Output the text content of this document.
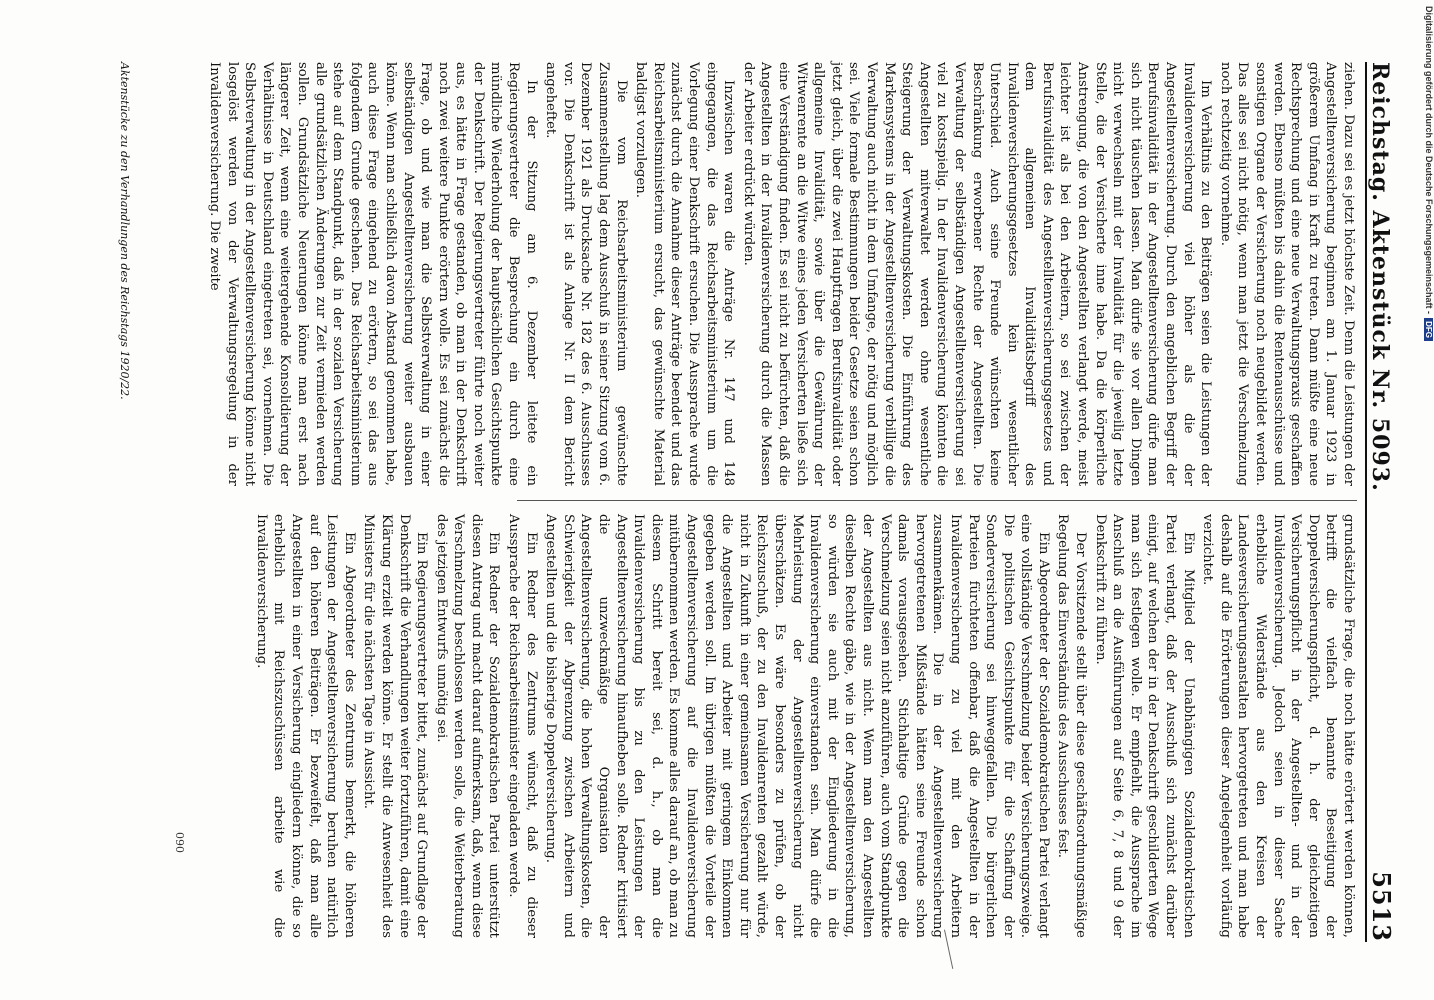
Reichstag. Aktenstück Nr. 5093.
5513

ziehen. Dazu sei es jetzt höchste Zeit. Denn die Leistungen der Angestelltenversicherung beginnen am 1. Januar 1923 in größerem Umfang in Kraft zu treten. Dann müßte eine neue Rechtsprechung und eine neue Verwaltungspraxis geschaffen werden. Ebenso müßten bis dahin die Rentenausschüsse und sonstigen Organe der Versicherung noch neugebildet werden. Das alles sei nicht nötig, wenn man jetzt die Verschmelzung noch rechtzeitig vornehme.

Im Verhältnis zu den Beiträgen seien die Leistungen der Invalidenversicherung viel höher als die der Angestelltenversicherung. Durch den angeblichen Begriff der Berufsinvalidität in der Angestelltenversicherung dürfe man sich nicht täuschen lassen. Man dürfe sie vor allen Dingen nicht verwechseln mit der Invalidität für die jeweilig letzte Stelle, die der Versicherte inne habe. Da die körperliche Anstrengung, die von den Angestellten verlangt werde, meist leichter ist als bei den Arbeitern, so sei zwischen der Berufsinvalidität des Angestelltenversicherungsgesetzes und dem allgemeinen Invaliditätsbegriff des Invalidenversicherungsgesetzes kein wesentlicher Unterschied. Auch seine Freunde wünschten keine Beschränkung erworbener Rechte der Angestellten. Die Verwaltung der selbständigen Angestelltenversicherung sei viel zu kostspielig. In der Invalidenversicherung könnten die Angestellten mitverwaltet werden ohne wesentliche Steigerung der Verwaltungskosten. Die Einführung des Markensystems in der Angestelltenversicherung verbillige die Verwaltung auch nicht in dem Umfange, der nötig und möglich sei. Viele formale Bestimmungen beider Gesetze seien schon jetzt gleich, über die zwei Hauptfragen Berufsinvalidität oder allgemeine Invalidität, sowie über die Gewährung der Witwenrente an die Witwe eines jeden Versicherten ließe sich eine Verständigung finden. Es sei nicht zu befürchten, daß die Angestellten in der Invalidenversicherung durch die Massen der Arbeiter erdrückt würden.

Inzwischen waren die Anträge Nr. 147 und 148 eingegangen, die das Reichsarbeitsministerium um die Vorlegung einer Denkschrift ersuchen. Die Aussprache wurde zunächst durch die Annahme dieser Anträge beendet und das Reichsarbeitsministerium ersucht, das gewünschte Material baldigst vorzulegen.

Die vom Reichsarbeitsministerium gewünschte Zusammenstellung lag dem Ausschuß in seiner Sitzung vom 6. Dezember 1921 als Drucksache Nr. 182 des 6. Ausschusses vor. Die Denkschrift ist als Anlage Nr. II dem Bericht angeheftet.

In der Sitzung am 6. Dezember leitete ein Regierungsvertreter die Besprechung ein durch eine mündliche Wiederholung der hauptsächlichen Gesichtspunkte der Denkschrift. Der Regierungsvertreter führte noch weiter aus, es hätte in Frage gestanden, ob man in der Denkschrift noch zwei weitere Punkte erörtern wolle. Es sei zunächst die Frage, ob und wie man die Selbstverwaltung in einer selbständigen Angestelltenversicherung weiter ausbauen könne. Wenn man schließlich davon Abstand genommen habe, auch diese Frage eingehend zu erörtern, so sei das aus folgendem Grunde geschehen. Das Reichsarbeitsministerium stehe auf dem Standpunkt, daß in der sozialen Versicherung alle grundsätzlichen Änderungen zur Zeit vermieden werden sollen. Grundsätzliche Neuerungen könne man erst nach längerer Zeit, wenn eine weitergehende Konsolidierung der Verhältnisse in Deutschland eingetreten sei, vornehmen. Die Selbstverwaltung in der Angestelltenversicherung könne nicht losgelöst werden von der Verwaltungsregelung in der Invalidenversicherung. Die zweite

grundsätzliche Frage, die noch hätte erörtert werden können, betrifft die vielfach benannte Beseitigung der Doppelversicherungspflicht, d. h. der gleichzeitigen Versicherungspflicht in der Angestellten- und in der Invalidenversicherung. Jedoch seien in dieser Sache erhebliche Widerstände aus den Kreisen der Landesversicherungsanstalten hervorgetreten und man habe deshalb auf die Erörterungen dieser Angelegenheit vorläufig verzichtet.

Ein Mitglied der Unabhängigen Sozialdemokratischen Partei verlangt, daß der Ausschuß sich zunächst darüber einigt, auf welchen der in der Denkschrift geschilderten Wege man sich festlegen wolle. Er empfiehlt, die Aussprache im Anschluß an die Ausführungen auf Seite 6, 7, 8 und 9 der Denkschrift zu führen.

Der Vorsitzende stellt über diese geschäftsordnungsmäßige Regelung das Einverständnis des Ausschusses fest.

Ein Abgeordneter der Sozialdemokratischen Partei verlangt eine vollständige Verschmelzung beider Versicherungszweige. Die politischen Gesichtspunkte für die Schaffung der Sonderversicherung sei hinweggefallen. Die bürgerlichen Parteien fürchteten offenbar, daß die Angestellten in der Invalidenversicherung zu viel mit den Arbeitern zusammenkämen. Die in der Angestelltenversicherung hervorgetretenen Mißstände hätten seine Freunde schon damals vorausgesehen. Stichhaltige Gründe gegen die Verschmelzung seien nicht anzuführen, auch vom Standpunkte der Angestellten aus nicht. Wenn man den Angestellten dieselben Rechte gäbe, wie in der Angestelltenversicherung, so würden sie auch mit der Eingliederung in die Invalidenversicherung einverstanden sein. Man dürfe die Mehrleistung der Angestelltenversicherung nicht überschätzen. Es wäre besonders zu prüfen, ob der Reichszuschuß, der zu den Invalidenrenten gezahlt würde, nicht in Zukunft in einer gemeinsamen Versicherung nur für die Angestellten und Arbeiter mit geringem Einkommen gegeben werden soll. Im übrigen müßten die Vorteile der Angestelltenversicherung auf die Invalidenversicherung mitübernommen werden. Es komme alles darauf an, ob man zu diesem Schritt bereit sei, d. h., ob man die Invalidenversicherung bis zu den Leistungen der Angestelltenversicherung hinaufheben solle. Redner kritisiert die unzweckmäßige Organisation der Angestelltenversicherung, die hohen Verwaltungskosten, die Schwierigkeit der Abgrenzung zwischen Arbeitern und Angestellten und die bisherige Doppelversicherung.

Ein Redner des Zentrums wünscht, daß zu dieser Aussprache der Reichsarbeitsminister eingeladen werde.

Ein Redner der Sozialdemokratischen Partei unterstützt diesen Antrag und macht darauf aufmerksam, daß, wenn diese Verschmelzung beschlossen werden solle, die Weiterberatung des jetzigen Entwurfs unnötig sei.

Ein Regierungsvertreter bittet, zunächst auf Grundlage der Denkschrift die Verhandlungen weiter fortzuführen, damit eine Klärung erzielt werden könne. Er stellt die Anwesenheit des Ministers für die nächsten Tage in Aussicht.

Ein Abgeordneter des Zentrums bemerkt, die höheren Leistungen der Angestelltenversicherung beruhen natürlich auf den höheren Beiträgen. Er bezweifelt, daß man alle Angestellten in einer Versicherung eingliedern könne, die so erheblich mit Reichszuschüssen arbeite wie die Invalidenversicherung.

090
Aktenstücke zu den Verhandlungen des Reichstags 1920/22.	Digitalisierung gefördert durch die Deutsche Forschungsgemeinschaft -DFG
